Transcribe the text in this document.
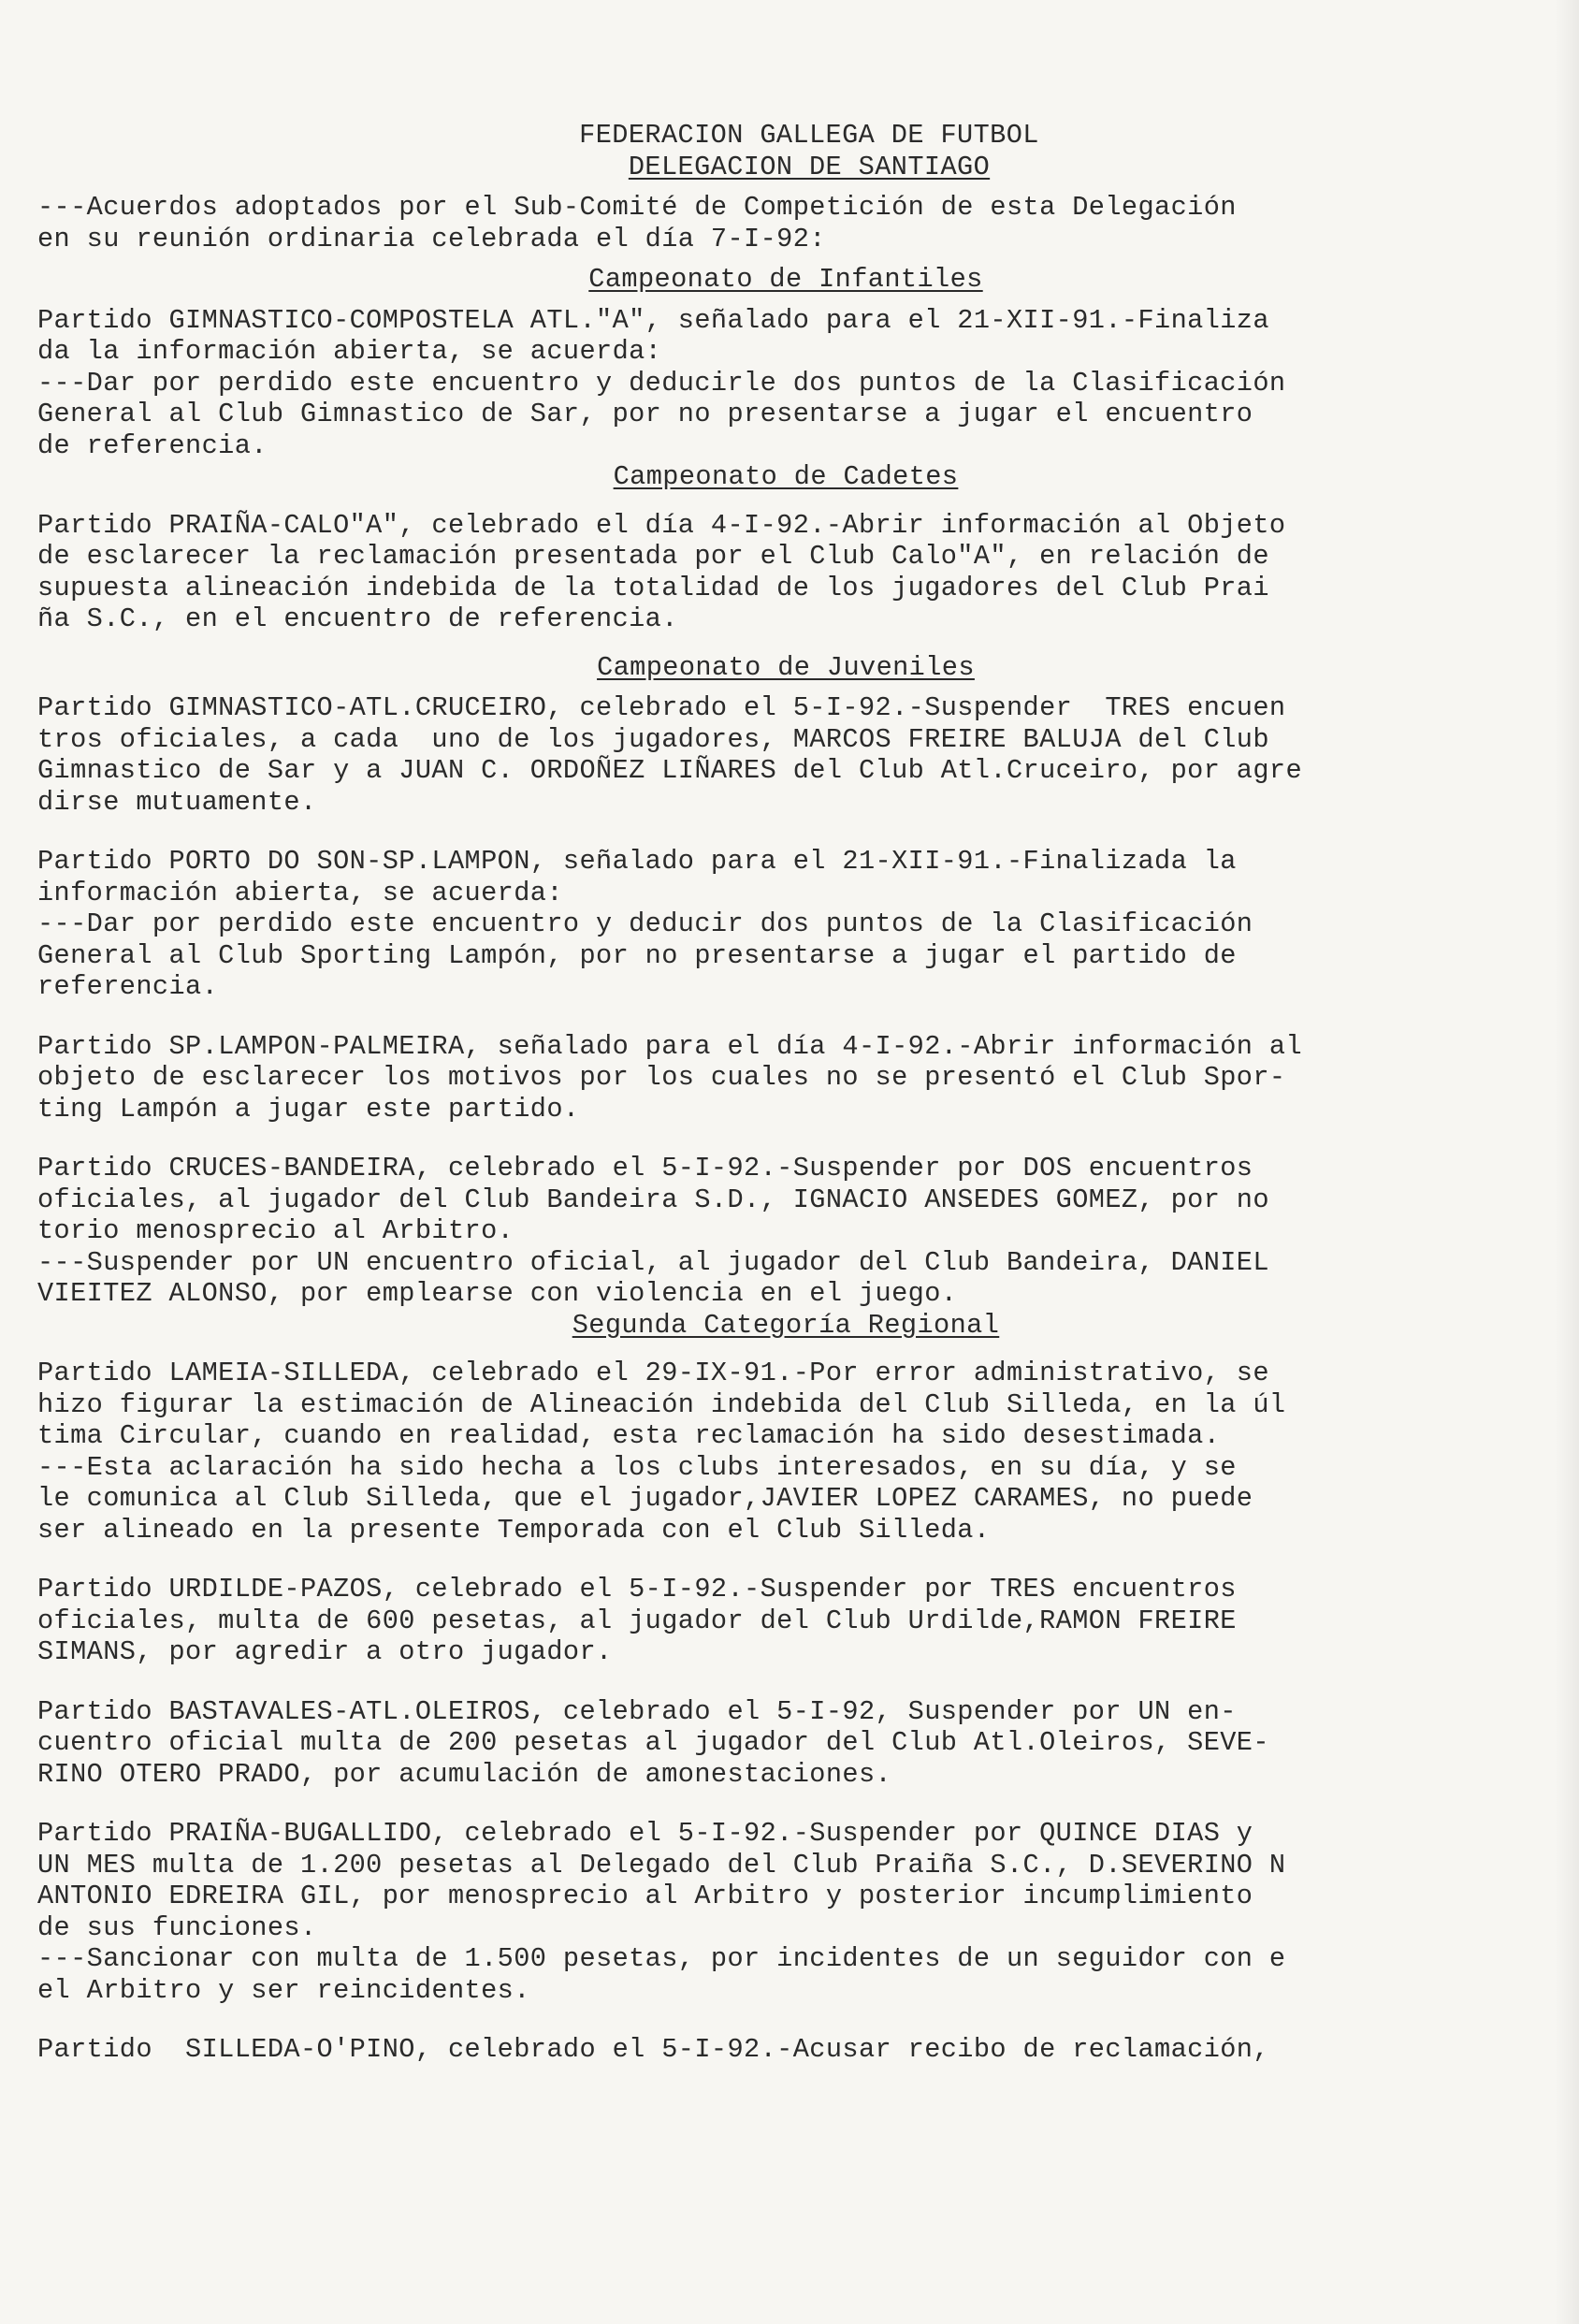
FEDERACION GALLEGA DE FUTBOL

DELEGACION DE SANTIAGO

---Acuerdos adoptados por el Sub-Comité de Competición de esta Delegación

en su reunión ordinaria celebrada el día 7-I-92:

Campeonato de Infantiles

Partido GIMNASTICO-COMPOSTELA ATL."A", señalado para el 21-XII-91.-Finaliza

da la información abierta, se acuerda:

---Dar por perdido este encuentro y deducirle dos puntos de la Clasificación

General al Club Gimnastico de Sar, por no presentarse a jugar el encuentro

de referencia.

Campeonato de Cadetes

Partido PRAIÑA-CALO"A", celebrado el día 4-I-92.-Abrir información al Objeto

de esclarecer la reclamación presentada por el Club Calo"A", en relación de

supuesta alineación indebida de la totalidad de los jugadores del Club Prai

ña S.C., en el encuentro de referencia.

Campeonato de Juveniles

Partido GIMNASTICO-ATL.CRUCEIRO, celebrado el 5-I-92.-Suspender  TRES encuen

tros oficiales, a cada  uno de los jugadores, MARCOS FREIRE BALUJA del Club

Gimnastico de Sar y a JUAN C. ORDOÑEZ LIÑARES del Club Atl.Cruceiro, por agre

dirse mutuamente.

Partido PORTO DO SON-SP.LAMPON, señalado para el 21-XII-91.-Finalizada la

información abierta, se acuerda:

---Dar por perdido este encuentro y deducir dos puntos de la Clasificación

General al Club Sporting Lampón, por no presentarse a jugar el partido de

referencia.

Partido SP.LAMPON-PALMEIRA, señalado para el día 4-I-92.-Abrir información al

objeto de esclarecer los motivos por los cuales no se presentó el Club Spor-

ting Lampón a jugar este partido.

Partido CRUCES-BANDEIRA, celebrado el 5-I-92.-Suspender por DOS encuentros

oficiales, al jugador del Club Bandeira S.D., IGNACIO ANSEDES GOMEZ, por no

torio menosprecio al Arbitro.

---Suspender por UN encuentro oficial, al jugador del Club Bandeira, DANIEL

VIEITEZ ALONSO, por emplearse con violencia en el juego.

Segunda Categoría Regional

Partido LAMEIA-SILLEDA, celebrado el 29-IX-91.-Por error administrativo, se

hizo figurar la estimación de Alineación indebida del Club Silleda, en la úl

tima Circular, cuando en realidad, esta reclamación ha sido desestimada.

---Esta aclaración ha sido hecha a los clubs interesados, en su día, y se

le comunica al Club Silleda, que el jugador,JAVIER LOPEZ CARAMES, no puede

ser alineado en la presente Temporada con el Club Silleda.

Partido URDILDE-PAZOS, celebrado el 5-I-92.-Suspender por TRES encuentros

oficiales, multa de 600 pesetas, al jugador del Club Urdilde,RAMON FREIRE

SIMANS, por agredir a otro jugador.

Partido BASTAVALES-ATL.OLEIROS, celebrado el 5-I-92, Suspender por UN en-

cuentro oficial multa de 200 pesetas al jugador del Club Atl.Oleiros, SEVE-

RINO OTERO PRADO, por acumulación de amonestaciones.

Partido PRAIÑA-BUGALLIDO, celebrado el 5-I-92.-Suspender por QUINCE DIAS y

UN MES multa de 1.200 pesetas al Delegado del Club Praiña S.C., D.SEVERINO N

ANTONIO EDREIRA GIL, por menosprecio al Arbitro y posterior incumplimiento

de sus funciones.

---Sancionar con multa de 1.500 pesetas, por incidentes de un seguidor con e

el Arbitro y ser reincidentes.

Partido  SILLEDA-O'PINO, celebrado el 5-I-92.-Acusar recibo de reclamación,
